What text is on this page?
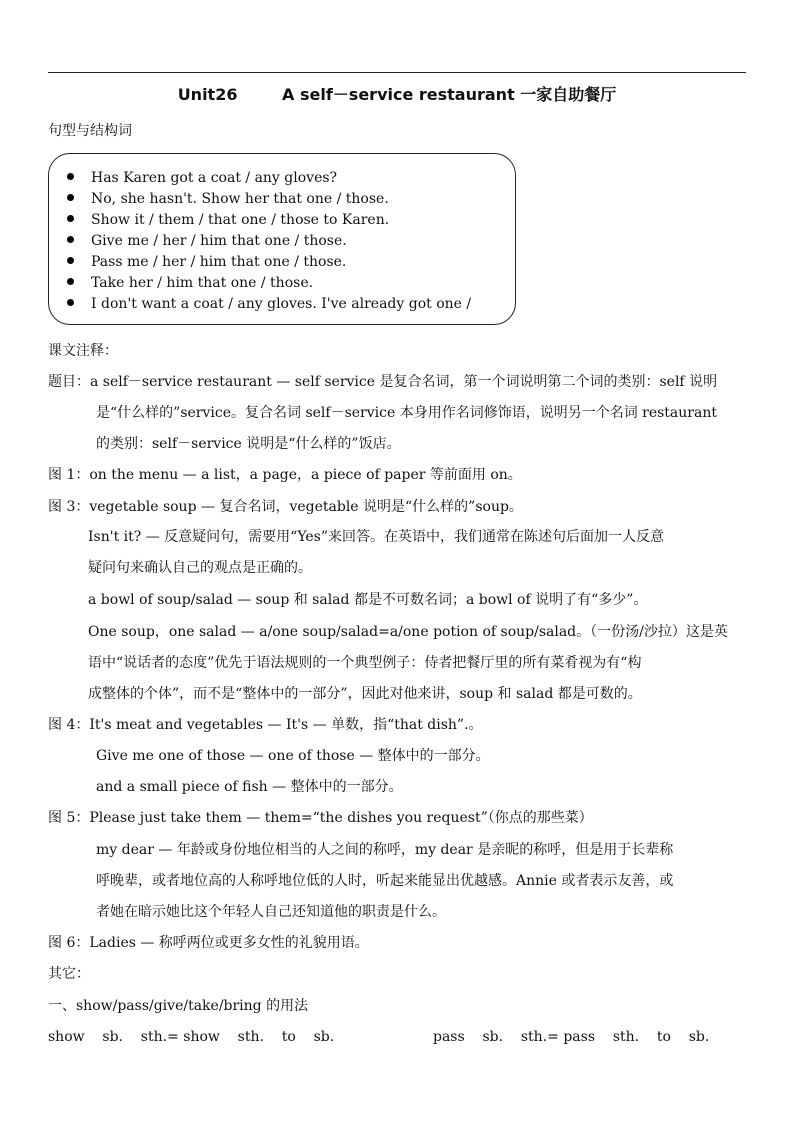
Unit26        A self－service restaurant 一家自助餐厅
句型与结构词
Has Karen got a coat / any gloves?
No, she hasn't. Show her that one / those.
Show it / them / that one / those to Karen.
Give me / her / him that one / those.
Pass me / her / him that one / those.
Take her / him that one / those.
I don't want a coat / any gloves. I've already got one /
课文注释：
题目：a self－service restaurant — self service 是复合名词，第一个词说明第二个词的类别：self 说明
是“什么样的”service。复合名词 self－service 本身用作名词修饰语，说明另一个名词 restaurant
的类别：self－service 说明是“什么样的”饭店。
图 1：on the menu — a list，a page，a piece of paper 等前面用 on。
图 3：vegetable soup — 复合名词，vegetable 说明是“什么样的”soup。
Isn't it? — 反意疑问句，需要用“Yes”来回答。在英语中，我们通常在陈述句后面加一人反意
疑问句来确认自己的观点是正确的。
a bowl of soup/salad — soup 和 salad 都是不可数名词；a bowl of 说明了有“多少”。
One soup，one salad — a/one soup/salad=a/one potion of soup/salad。（一份汤/沙拉）这是英
语中“说话者的态度”优先于语法规则的一个典型例子：侍者把餐厅里的所有菜肴视为有“构
成整体的个体”，而不是“整体中的一部分”，因此对他来讲，soup 和 salad 都是可数的。
图 4：It's meat and vegetables — It's — 单数，指“that dish”.。
Give me one of those — one of those — 整体中的一部分。
and a small piece of fish — 整体中的一部分。
图 5：Please just take them — them=“the dishes you request”（你点的那些菜）
my dear — 年龄或身份地位相当的人之间的称呼，my dear 是亲昵的称呼，但是用于长辈称
呼晚辈，或者地位高的人称呼地位低的人时，听起来能显出优越感。Annie 或者表示友善，或
者她在暗示她比这个年轻人自己还知道他的职责是什么。
图 6：Ladies — 称呼两位或更多女性的礼貌用语。
其它：
一、show/pass/give/take/bring 的用法
show    sb.    sth.= show    sth.    to    sb.	pass    sb.    sth.= pass    sth.    to    sb.
